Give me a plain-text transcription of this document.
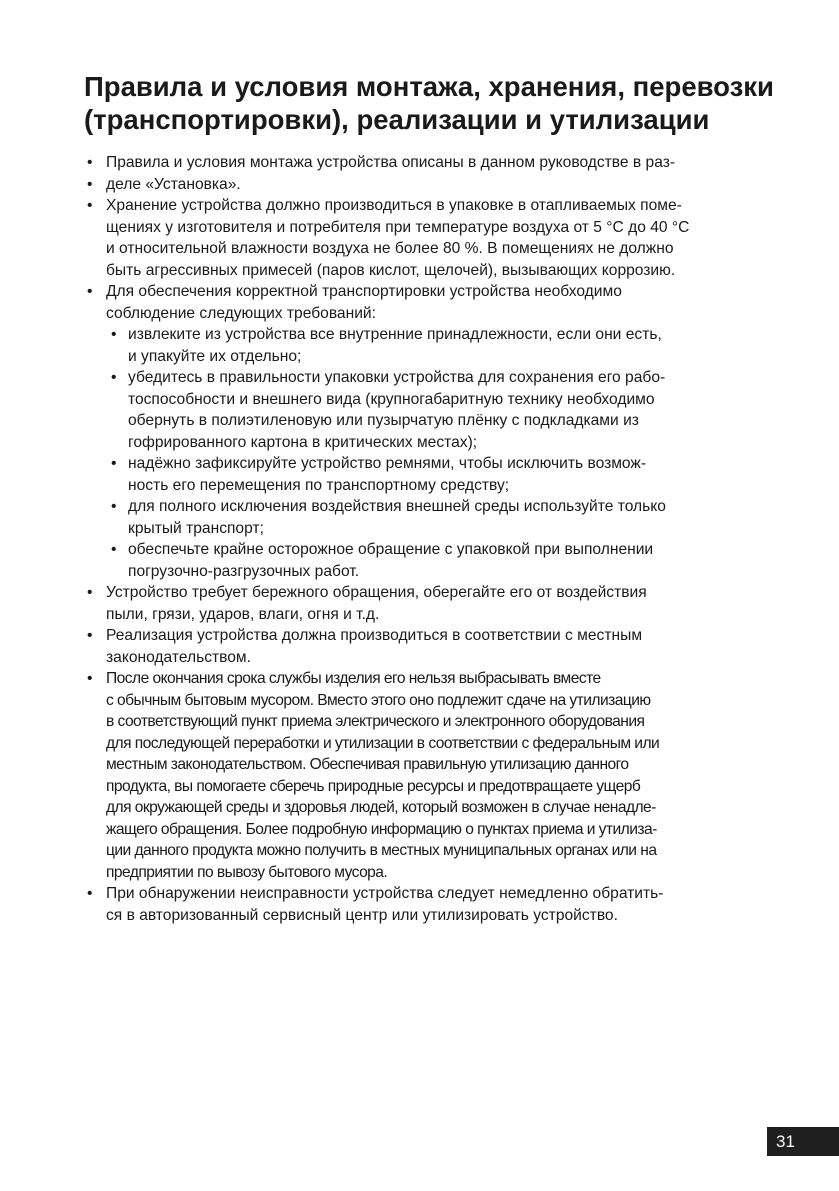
Правила и условия монтажа, хранения, перевозки
(транспортировки), реализации и утилизации
• Правила и условия монтажа устройства описаны в данном руководстве в раз-
• деле «Установка».
• Хранение устройства должно производиться в упаковке в отапливаемых поме-
щениях у изготовителя и потребителя при температуре воздуха от 5 °C до 40 °C
и относительной влажности воздуха не более 80 %. В помещениях не должно
быть агрессивных примесей (паров кислот, щелочей), вызывающих коррозию.
• Для обеспечения корректной транспортировки устройства необходимо
соблюдение следующих требований:
• извлеките из устройства все внутренние принадлежности, если они есть,
и упакуйте их отдельно;
• убедитесь в правильности упаковки устройства для сохранения его рабо-
тоспособности и внешнего вида (крупногабаритную технику необходимо
обернуть в полиэтиленовую или пузырчатую плёнку с подкладками из
гофрированного картона в критических местах);
• надёжно зафиксируйте устройство ремнями, чтобы исключить возмож-
ность его перемещения по транспортному средству;
• для полного исключения воздействия внешней среды используйте только
крытый транспорт;
• обеспечьте крайне осторожное обращение с упаковкой при выполнении
погрузочно-разгрузочных работ.
• Устройство требует бережного обращения, оберегайте его от воздействия
пыли, грязи, ударов, влаги, огня и т.д.
• Реализация устройства должна производиться в соответствии с местным
законодательством.
• После окончания срока службы изделия его нельзя выбрасывать вместе
с обычным бытовым мусором. Вместо этого оно подлежит сдаче на утилизацию
в соответствующий пункт приема электрического и электронного оборудования
для последующей переработки и утилизации в соответствии с федеральным или
местным законодательством. Обеспечивая правильную утилизацию данного
продукта, вы помогаете сберечь природные ресурсы и предотвращаете ущерб
для окружающей среды и здоровья людей, который возможен в случае ненадле-
жащего обращения. Более подробную информацию о пунктах приема и утилиза-
ции данного продукта можно получить в местных муниципальных органах или на
предприятии по вывозу бытового мусора.
• При обнаружении неисправности устройства следует немедленно обратить-
ся в авторизованный сервисный центр или утилизировать устройство.
31
